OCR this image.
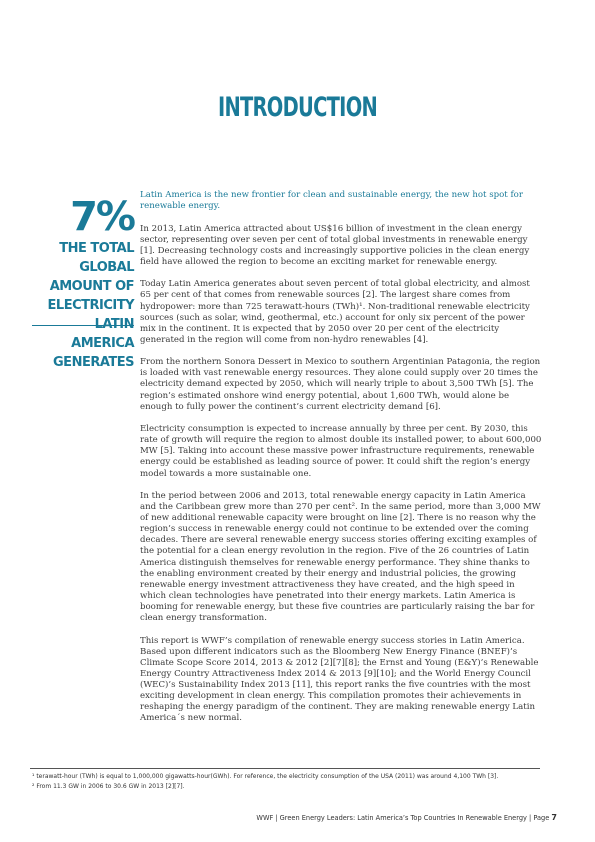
INTRODUCTION
7%
THE TOTAL GLOBAL
AMOUNT OF
ELECTRICITY LATIN
AMERICA GENERATES

Latin America is the new frontier for clean and sustainable energy, the new hot spot for renewable energy.

In 2013, Latin America attracted about US$16 billion of investment in the clean energy sector, representing over seven per cent of total global investments in renewable energy [1]. Decreasing technology costs and increasingly supportive policies in the clean energy field have allowed the region to become an exciting market for renewable energy.

Today Latin America generates about seven percent of total global electricity, and almost 65 per cent of that comes from renewable sources [2]. The largest share comes from hydropower: more than 725 terawatt-hours (TWh)¹. Non-traditional renewable electricity sources (such as solar, wind, geothermal, etc.) account for only six percent of the power mix in the continent. It is expected that by 2050 over 20 per cent of the electricity generated in the region will come from non-hydro renewables [4].

From the northern Sonora Dessert in Mexico to southern Argentinian Patagonia, the region is loaded with vast renewable energy resources. They alone could supply over 20 times the electricity demand expected by 2050, which will nearly triple to about 3,500 TWh [5]. The region’s estimated onshore wind energy potential, about 1,600 TWh, would alone be enough to fully power the continent’s current electricity demand [6].

Electricity consumption is expected to increase annually by three per cent. By 2030, this rate of growth will require the region to almost double its installed power, to about 600,000 MW [5]. Taking into account these massive power infrastructure requirements, renewable energy could be established as leading source of power. It could shift the region’s energy model towards a more sustainable one.

In the period between 2006 and 2013, total renewable energy capacity in Latin America and the Caribbean grew more than 270 per cent². In the same period, more than 3,000 MW of new additional renewable capacity were brought on line [2]. There is no reason why the region’s success in renewable energy could not continue to be extended over the coming decades. There are several renewable energy success stories offering exciting examples of the potential for a clean energy revolution in the region. Five of the 26 countries of Latin America distinguish themselves for renewable energy performance. They shine thanks to the enabling environment created by their energy and industrial policies, the growing renewable energy investment attractiveness they have created, and the high speed in which clean technologies have penetrated into their energy markets. Latin America is booming for renewable energy, but these five countries are particularly raising the bar for clean energy transformation.

This report is WWF’s compilation of renewable energy success stories in Latin America. Based upon different indicators such as the Bloomberg New Energy Finance (BNEF)’s Climate Scope Score 2014, 2013 & 2012 [2][7][8]; the Ernst and Young (E&Y)’s Renewable Energy Country Attractiveness Index 2014 & 2013 [9][10]; and the World Energy Council (WEC)’s Sustainability Index 2013 [11], this report ranks the five countries with the most exciting development in clean energy. This compilation promotes their achievements in reshaping the energy paradigm of the continent. They are making renewable energy Latin America´s new normal.

¹ terawatt-hour (TWh) is equal to 1,000,000 gigawatts-hour(GWh). For reference, the electricity consumption of the USA (2011) was around 4,100 TWh [3].
² From 11.3 GW in 2006 to 30.6 GW in 2013 [2][7].
WWF | Green Energy Leaders: Latin America’s Top Countries In Renewable Energy | Page 7
